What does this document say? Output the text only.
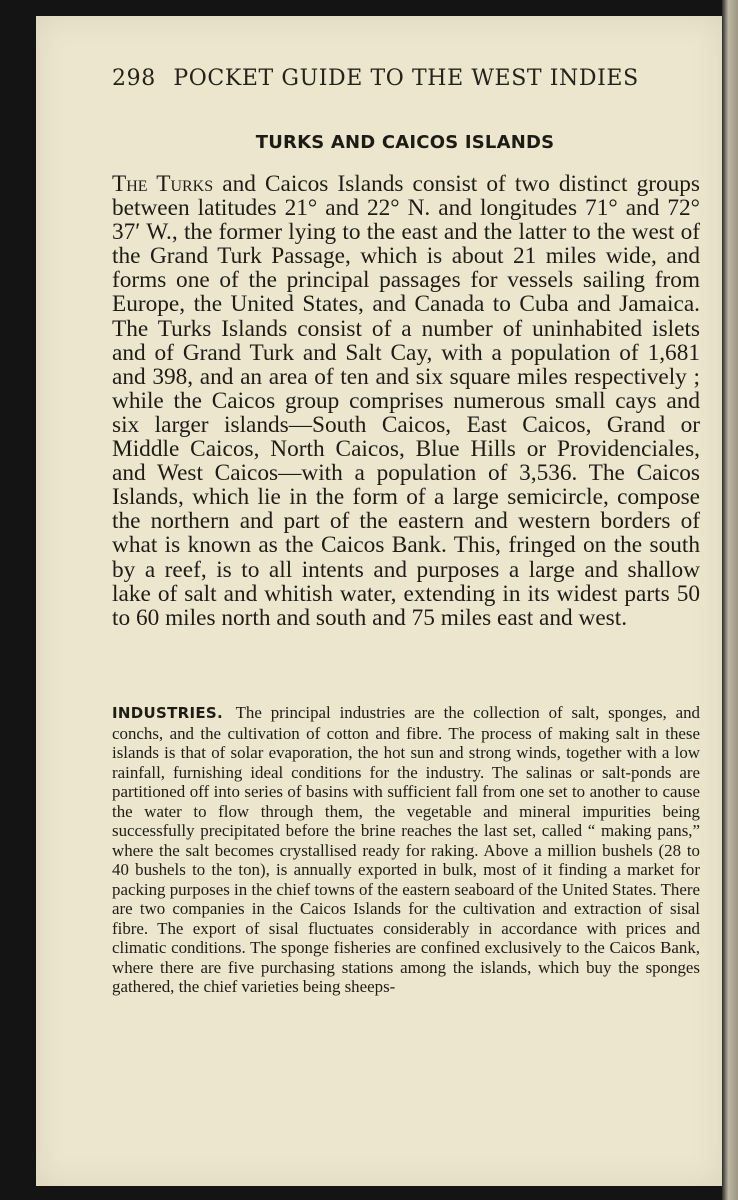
298 POCKET GUIDE TO THE WEST INDIES
TURKS AND CAICOS ISLANDS

The Turks and Caicos Islands consist of two distinct groups between latitudes 21° and 22° N. and longitudes 71° and 72° 37′ W., the former lying to the east and the latter to the west of the Grand Turk Passage, which is about 21 miles wide, and forms one of the principal passages for vessels sailing from Europe, the United States, and Canada to Cuba and Jamaica. The Turks Islands consist of a number of uninhabited islets and of Grand Turk and Salt Cay, with a population of 1,681 and 398, and an area of ten and six square miles respectively ; while the Caicos group comprises numerous small cays and six larger islands—South Caicos, East Caicos, Grand or Middle Caicos, North Caicos, Blue Hills or Providenciales, and West Caicos—with a population of 3,536. The Caicos Islands, which lie in the form of a large semicircle, compose the northern and part of the eastern and western borders of what is known as the Caicos Bank. This, fringed on the south by a reef, is to all intents and purposes a large and shallow lake of salt and whitish water, extending in its widest parts 50 to 60 miles north and south and 75 miles east and west.

INDUSTRIES. The principal industries are the collection of salt, sponges, and conchs, and the cultivation of cotton and fibre. The process of making salt in these islands is that of solar evaporation, the hot sun and strong winds, together with a low rainfall, furnishing ideal conditions for the industry. The salinas or salt-ponds are partitioned off into series of basins with sufficient fall from one set to another to cause the water to flow through them, the vegetable and mineral impurities being successfully precipitated before the brine reaches the last set, called “ making pans,” where the salt becomes crystallised ready for raking. Above a million bushels (28 to 40 bushels to the ton), is annually exported in bulk, most of it finding a market for packing purposes in the chief towns of the eastern seaboard of the United States. There are two companies in the Caicos Islands for the cultivation and extraction of sisal fibre. The export of sisal fluctuates considerably in accordance with prices and climatic conditions. The sponge fisheries are confined exclusively to the Caicos Bank, where there are five purchasing stations among the islands, which buy the sponges gathered, the chief varieties being sheeps-
